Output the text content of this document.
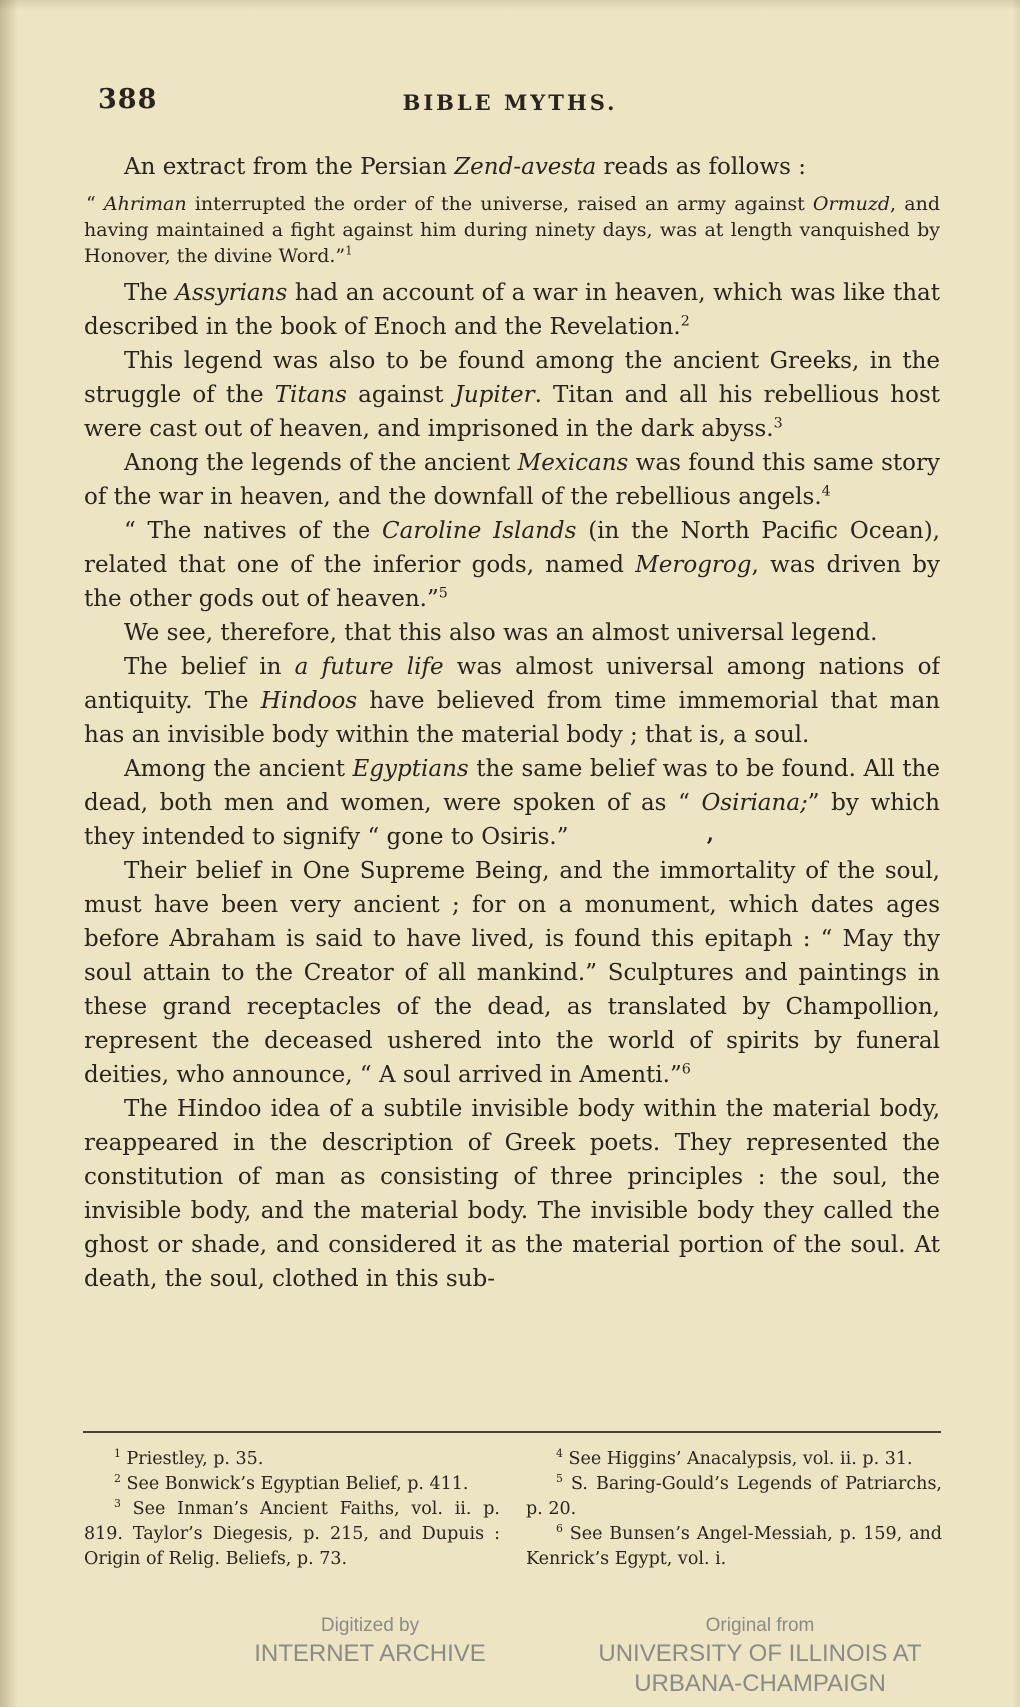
388	BIBLE MYTHS.

An extract from the Persian Zend-avesta reads as follows :

“ Ahriman interrupted the order of the universe, raised an army against Ormuzd, and having maintained a fight against him during ninety days, was at length vanquished by Honover, the divine Word.”$^1$

The Assyrians had an account of a war in heaven, which was like that described in the book of Enoch and the Revelation.$^2$

This legend was also to be found among the ancient Greeks, in the struggle of the Titans against Jupiter. Titan and all his rebellious host were cast out of heaven, and imprisoned in the dark abyss.$^3$

Anong the legends of the ancient Mexicans was found this same story of the war in heaven, and the downfall of the rebellious angels.$^4$

“ The natives of the Caroline Islands (in the North Pacific Ocean), related that one of the inferior gods, named Merogrog, was driven by the other gods out of heaven.”$^5$

We see, therefore, that this also was an almost universal legend.

The belief in a future life was almost universal among nations of antiquity. The Hindoos have believed from time immemorial that man has an invisible body within the material body ; that is, a soul.

Among the ancient Egyptians the same belief was to be found. All the dead, both men and women, were spoken of as “ Osiriana;” by which they intended to signify “ gone to Osiris.”

Their belief in One Supreme Being, and the immortality of the soul, must have been very ancient ; for on a monument, which dates ages before Abraham is said to have lived, is found this epitaph : “ May thy soul attain to the Creator of all mankind.” Sculptures and paintings in these grand receptacles of the dead, as translated by Champollion, represent the deceased ushered into the world of spirits by funeral deities, who announce, “ A soul arrived in Amenti.”$^6$

The Hindoo idea of a subtile invisible body within the material body, reappeared in the description of Greek poets. They represented the constitution of man as consisting of three principles : the soul, the invisible body, and the material body. The invisible body they called the ghost or shade, and considered it as the material portion of the soul. At death, the soul, clothed in this sub-

’

$^1$ Priestley, p. 35.

$^2$ See Bonwick’s Egyptian Belief, p. 411.

$^3$ See Inman’s Ancient Faiths, vol. ii. p. 819. Taylor’s Diegesis, p. 215, and Dupuis : Origin of Relig. Beliefs, p. 73.

$^4$ See Higgins’ Anacalypsis, vol. ii. p. 31.

$^5$ S. Baring-Gould’s Legends of Patriarchs, p. 20.

$^6$ See Bunsen’s Angel-Messiah, p. 159, and Kenrick’s Egypt, vol. i.

Digitized by
INTERNET ARCHIVE
Original from
UNIVERSITY OF ILLINOIS AT
URBANA-CHAMPAIGN
